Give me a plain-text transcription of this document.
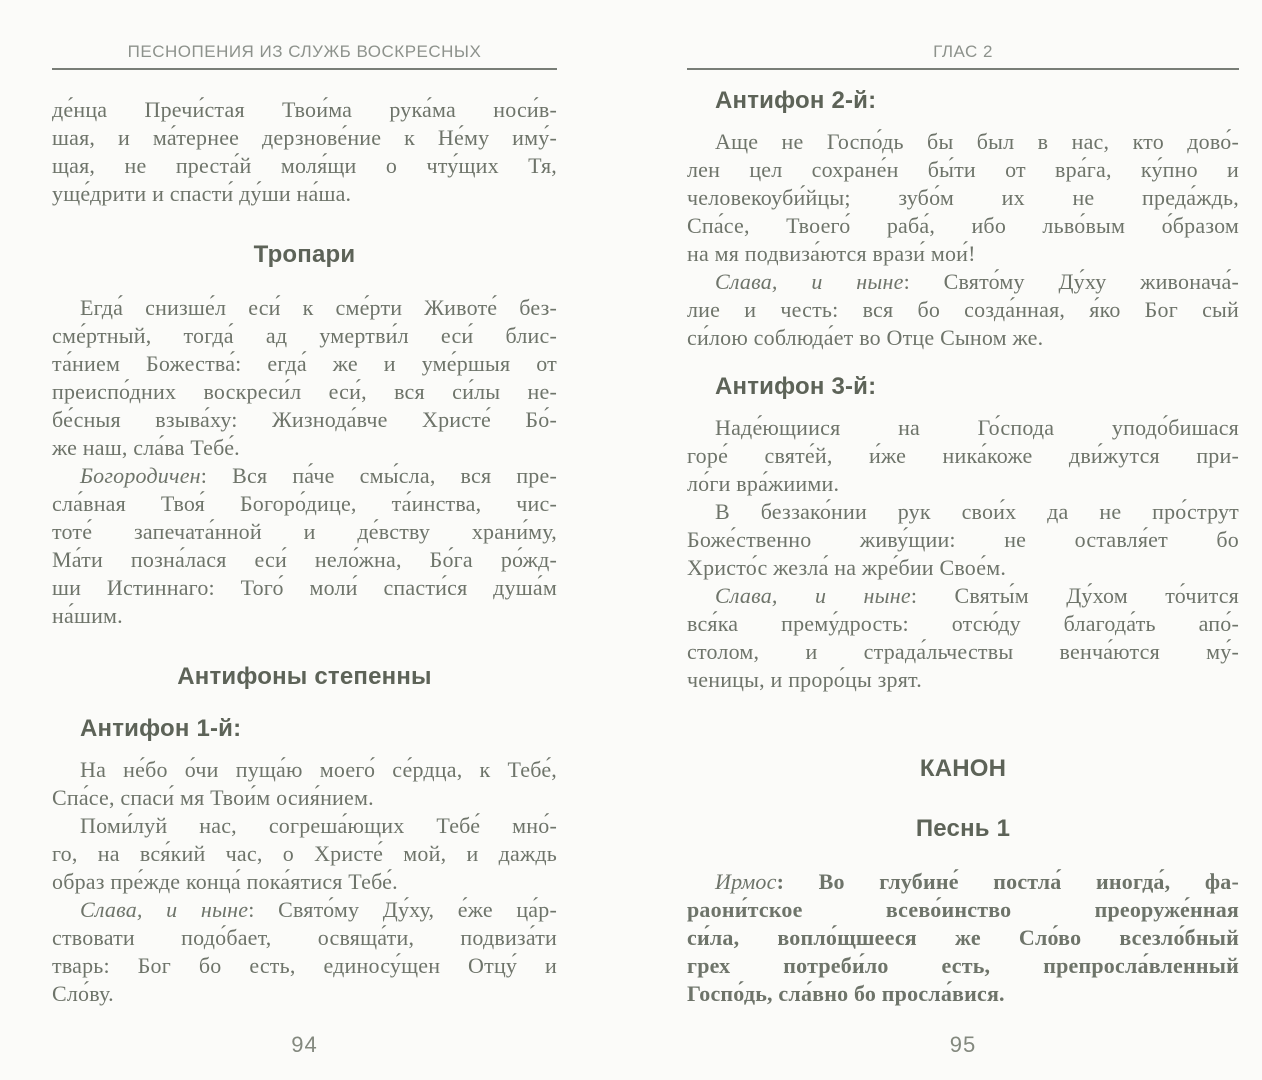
ПЕСНОПЕНИЯ ИЗ СЛУЖБ ВОСКРЕСНЫХ

де́нца Пречи́стая Твои́ма рука́ма носи́в-
шая, и ма́тернее дерзнове́ние к Не́му иму́-
щая, не преста́й моля́щи о чту́щих Тя,
уще́дрити и спасти́ ду́ши на́ша.

Тропари

Егда́ снизше́л еси́ к сме́рти Животе́ без-
сме́ртный, тогда́ ад умертви́л еси́ блис-
та́нием Божества́: егда́ же и уме́ршыя от
преиспо́дних воскреси́л еси́, вся си́лы не-
бе́сныя взыва́ху: Жизнода́вче Христе́ Бо́-
же наш, сла́ва Тебе́.

Богородичен: Вся па́че смы́сла, вся пре-
сла́вная Твоя́ Богоро́дице, та́инства, чис-
тоте́ запечата́нной и де́вству храни́му,
Ма́ти позна́лася еси́ нело́жна, Бо́га ро́жд-
ши Истиннаго: Того́ моли́ спасти́ся душа́м
на́шим.

Антифоны степенны
Антифон 1-й:

На не́бо о́чи пуща́ю моего́ се́рдца, к Тебе́,
Спа́се, спаси́ мя Твои́м осия́нием.

Поми́луй нас, согреша́ющих Тебе́ мно́-
го, на вся́кий час, о Христе́ мой, и даждь
образ пре́жде конца́ пока́ятися Тебе́.

Слава, и ныне: Свято́му Ду́ху, е́же ца́р-
ствовати подо́бает, освяща́ти, подвиза́ти
тварь: Бог бо есть, единосу́щен Отцу́ и
Сло́ву.

94
ГЛАС 2
Антифон 2-й:

Аще не Госпо́дь бы был в нас, кто дово́-
лен цел сохране́н бы́ти от вра́га, ку́пно и
человекоуби́йцы; зубо́м их не преда́ждь,
Спа́се, Твоего́ раба́, ибо льво́вым о́бразом
на мя подвиза́ются врази́ мои́!

Слава, и ныне: Свято́му Ду́ху живонача́-
лие и честь: вся бо созда́нная, я́ко Бог сый
си́лою соблюда́ет во Отце Сыном же.

Антифон 3-й:

Наде́ющиися на Го́спода уподо́бишася
горе́ святе́й, и́же ника́коже дви́жутся при-
ло́ги вра́жиими.

В беззако́нии рук свои́х да не про́струт
Боже́ственно живу́щии: не оставля́ет бо
Христо́с жезла́ на жре́бии Свое́м.

Слава, и ныне: Святы́м Ду́хом то́чится
вся́ка прему́дрость: отсю́ду благода́ть апо́-
столом, и страда́льчествы венча́ются му́-
ченицы, и проро́цы зрят.

КАНОН
Песнь 1

Ирмос: Во глубине́ постла́ иногда́, фа-
раони́тское всево́инство преоруже́нная
си́ла, вопло́щшееся же Сло́во всезло́бный
грех потреби́ло есть, препросла́вленный
Госпо́дь, сла́вно бо просла́вися.

95
